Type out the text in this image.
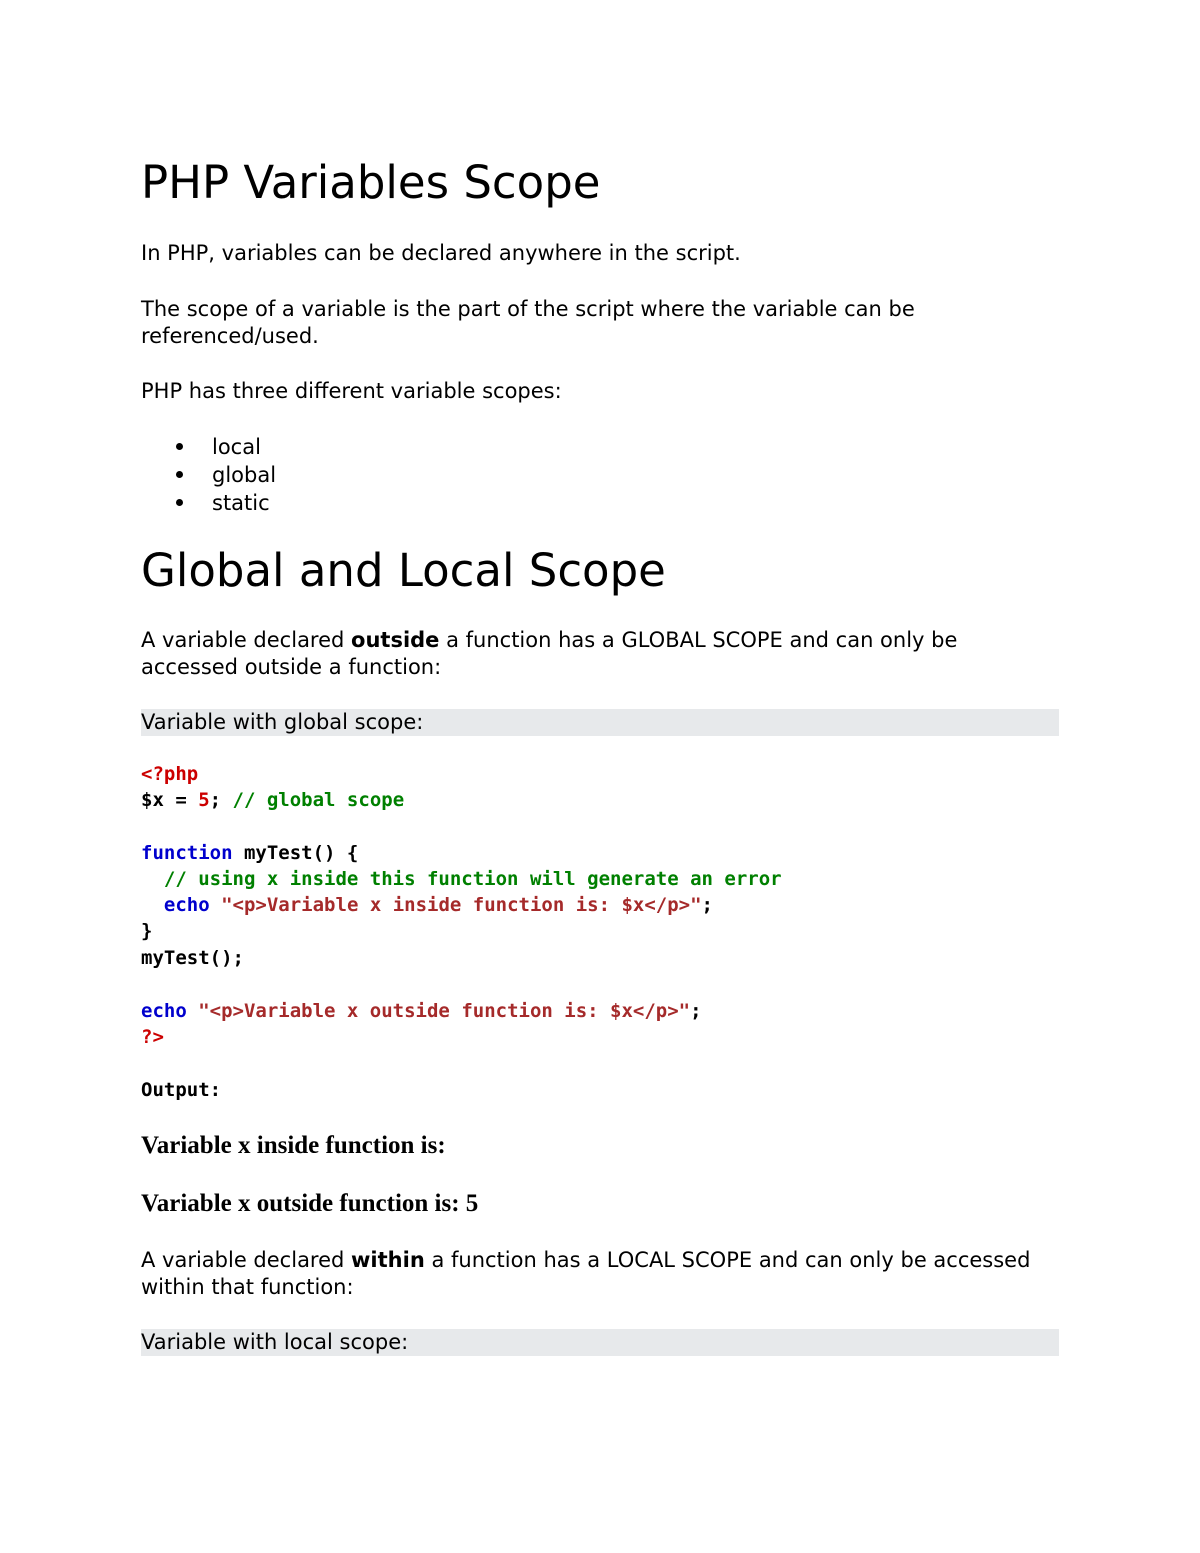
PHP Variables Scope

In PHP, variables can be declared anywhere in the script.

The scope of a variable is the part of the script where the variable can be referenced/used.

PHP has three different variable scopes:

local
global
static
Global and Local Scope

A variable declared outside a function has a GLOBAL SCOPE and can only be accessed outside a function:

Variable with global scope:

<?php

$x = 5; // global scope

function myTest() {

// using x inside this function will generate an error

echo "<p>Variable x inside function is: $x</p>";

}

myTest();

echo "<p>Variable x outside function is: $x</p>";

?>

Output:
Variable x inside function is:
Variable x outside function is: 5

A variable declared within a function has a LOCAL SCOPE and can only be accessed within that function:

Variable with local scope:
